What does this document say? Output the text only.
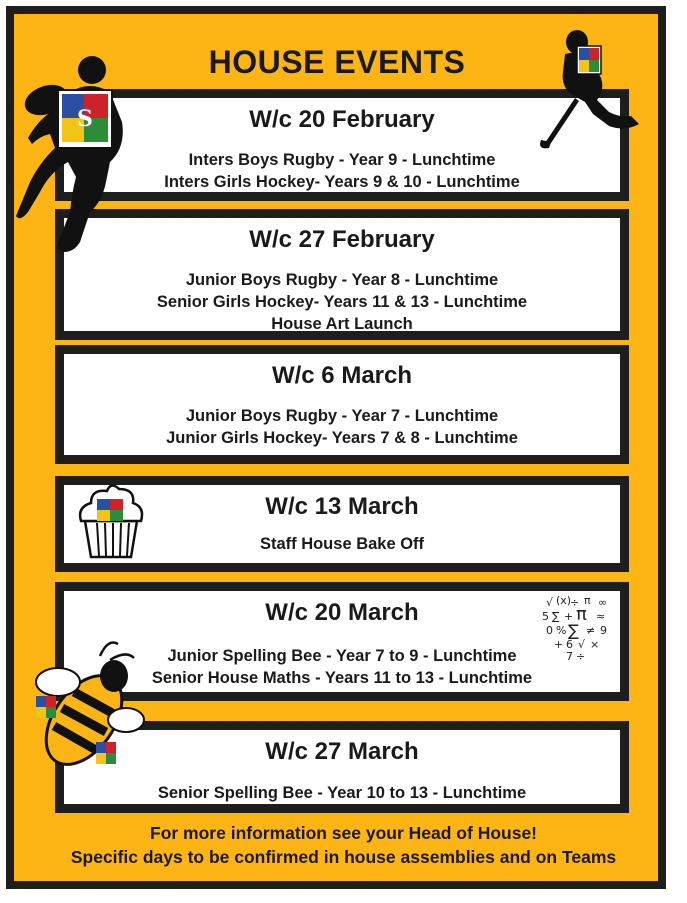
HOUSE EVENTS
W/c 20 February
Inters Boys Rugby - Year 9 - Lunchtime
Inters Girls Hockey- Years 9 & 10 - Lunchtime
W/c 27 February
Junior Boys Rugby - Year 8 - Lunchtime
Senior Girls Hockey- Years 11 & 13 - Lunchtime
House Art Launch
W/c 6 March
Junior Boys Rugby - Year 7 - Lunchtime
Junior Girls Hockey- Years 7 & 8 - Lunchtime
W/c 13 March
Staff House Bake Off
W/c 20 March
Junior Spelling Bee - Year 7 to 9 - Lunchtime
Senior House Maths - Years 11 to 13 - Lunchtime
W/c 27 March
Senior Spelling Bee - Year 10 to 13 - Lunchtime
For more information see your Head of House!
Specific days to be confirmed in house assemblies and on Teams
S
√ (x)
÷ π ∞
5 ∑ + π ≈
0 % ∑ ≠ 9
+ 6 √ ×
7 ÷
